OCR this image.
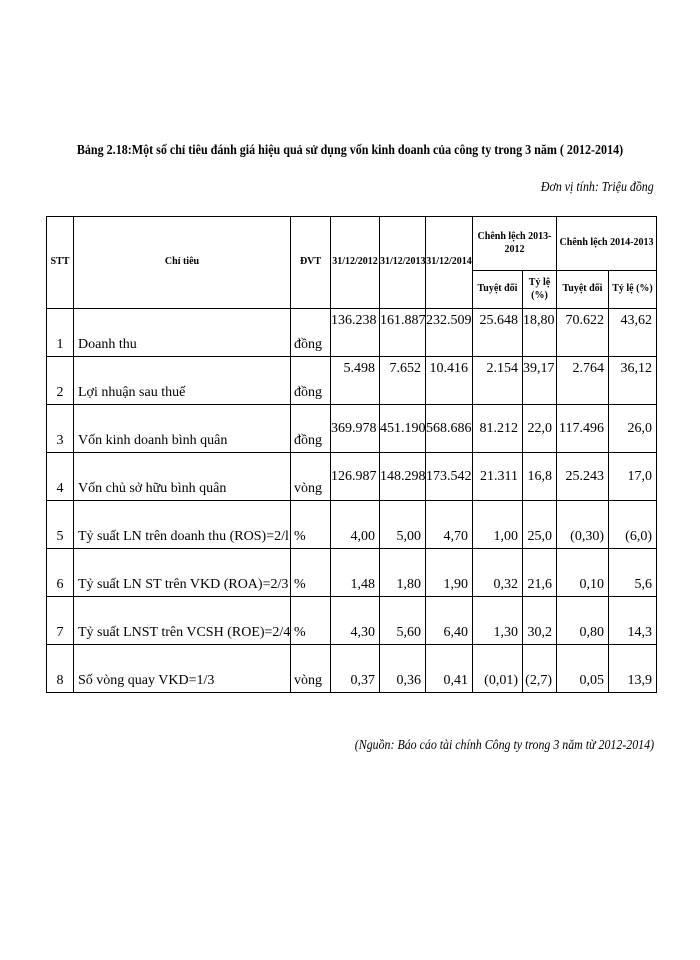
Bảng 2.18:Một số chỉ tiêu đánh giá hiệu quả sử dụng vốn kinh doanh của công ty trong 3 năm ( 2012-2014)
Đơn vị tính: Triệu đồng
STT	Chỉ tiêu	ĐVT	31/12/2012	31/12/2013	31/12/2014	Chênh lệch 2013-2012		Chênh lệch 2014-2013	
						Tuyệt đối	Tỷ lệ (%)	Tuyệt đối	Tỷ lệ (%)
1	Doanh thu	đồng	136.238	161.887	232.509	25.648	18,80	70.622	43,62
2	Lợi nhuận sau thuế	đồng	5.498	7.652	10.416	2.154	39,17	2.764	36,12
3	Vốn kinh doanh bình quân	đồng	369.978	451.190	568.686	81.212	22,0	117.496	26,0
4	Vốn chủ sở hữu bình quân	vòng	126.987	148.298	173.542	21.311	16,8	25.243	17,0
5	Tỷ suất LN trên doanh thu (ROS)=2/l	%	4,00	5,00	4,70	1,00	25,0	(0,30)	(6,0)
6	Tỷ suất LN ST trên VKD (ROA)=2/3	%	1,48	1,80	1,90	0,32	21,6	0,10	5,6
7	Tỷ suất LNST trên VCSH (ROE)=2/4	%	4,30	5,60	6,40	1,30	30,2	0,80	14,3
8	Số vòng quay VKD=1/3	vòng	0,37	0,36	0,41	(0,01)	(2,7)	0,05	13,9
(Nguồn: Báo cáo tài chính Công ty trong 3 năm từ 2012-2014)
